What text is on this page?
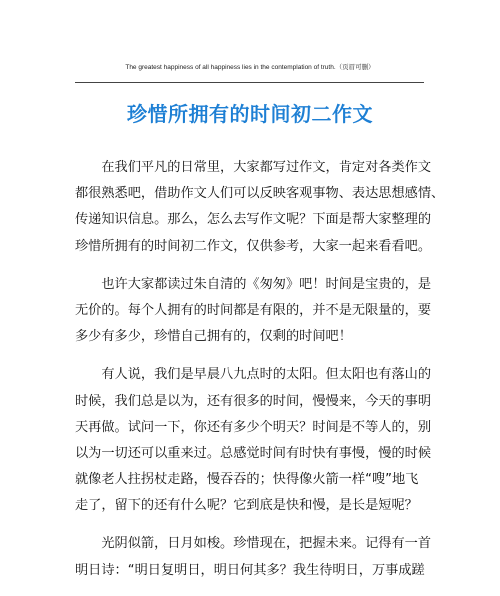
The greatest happiness of all happiness lies in the contemplation of truth.（页眉可删）
珍惜所拥有的时间初二作文
　　在我们平凡的日常里，大家都写过作文，肯定对各类作文
都很熟悉吧，借助作文人们可以反映客观事物、表达思想感情、
传递知识信息。那么，怎么去写作文呢？下面是帮大家整理的
珍惜所拥有的时间初二作文，仅供参考，大家一起来看看吧。
　　也许大家都读过朱自清的《匆匆》吧！时间是宝贵的，是
无价的。每个人拥有的时间都是有限的，并不是无限量的，要
多少有多少，珍惜自己拥有的，仅剩的时间吧！
　　有人说，我们是早晨八九点时的太阳。但太阳也有落山的
时候，我们总是以为，还有很多的时间，慢慢来，今天的事明
天再做。试问一下，你还有多少个明天？时间是不等人的，别
以为一切还可以重来过。总感觉时间有时快有事慢，慢的时候
就像老人拄拐杖走路，慢吞吞的；快得像火箭一样“嗖”地飞
走了，留下的还有什么呢？它到底是快和慢，是长是短呢？
　　光阴似箭，日月如梭。珍惜现在，把握未来。记得有一首
明日诗：“明日复明日，明日何其多？我生待明日，万事成蹉
